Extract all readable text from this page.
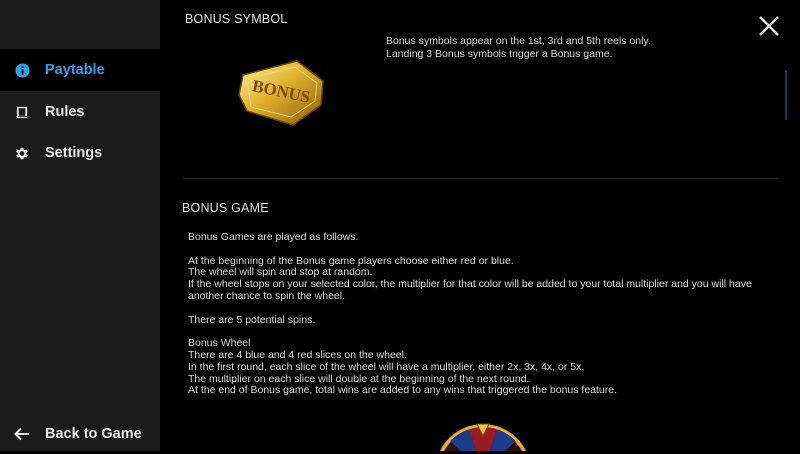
Paytable
Rules
Settings
Back to Game
BONUS SYMBOL
BONUS
Bonus symbols appear on the 1st, 3rd and 5th reels only.
Landing 3 Bonus symbols trigger a Bonus game.
BONUS GAME

Bonus Games are played as follows.

At the beginning of the Bonus game players choose either red or blue.
The wheel will spin and stop at random.
If the wheel stops on your selected color, the multiplier for that color will be added to your total multiplier and you will have another chance to spin the wheel.

There are 5 potential spins.

Bonus Wheel
There are 4 blue and 4 red slices on the wheel.
In the first round, each slice of the wheel will have a multiplier, either 2x, 3x, 4x, or 5x.
The multiplier on each slice will double at the beginning of the next round.
At the end of Bonus game, total wins are added to any wins that triggered the bonus feature.
